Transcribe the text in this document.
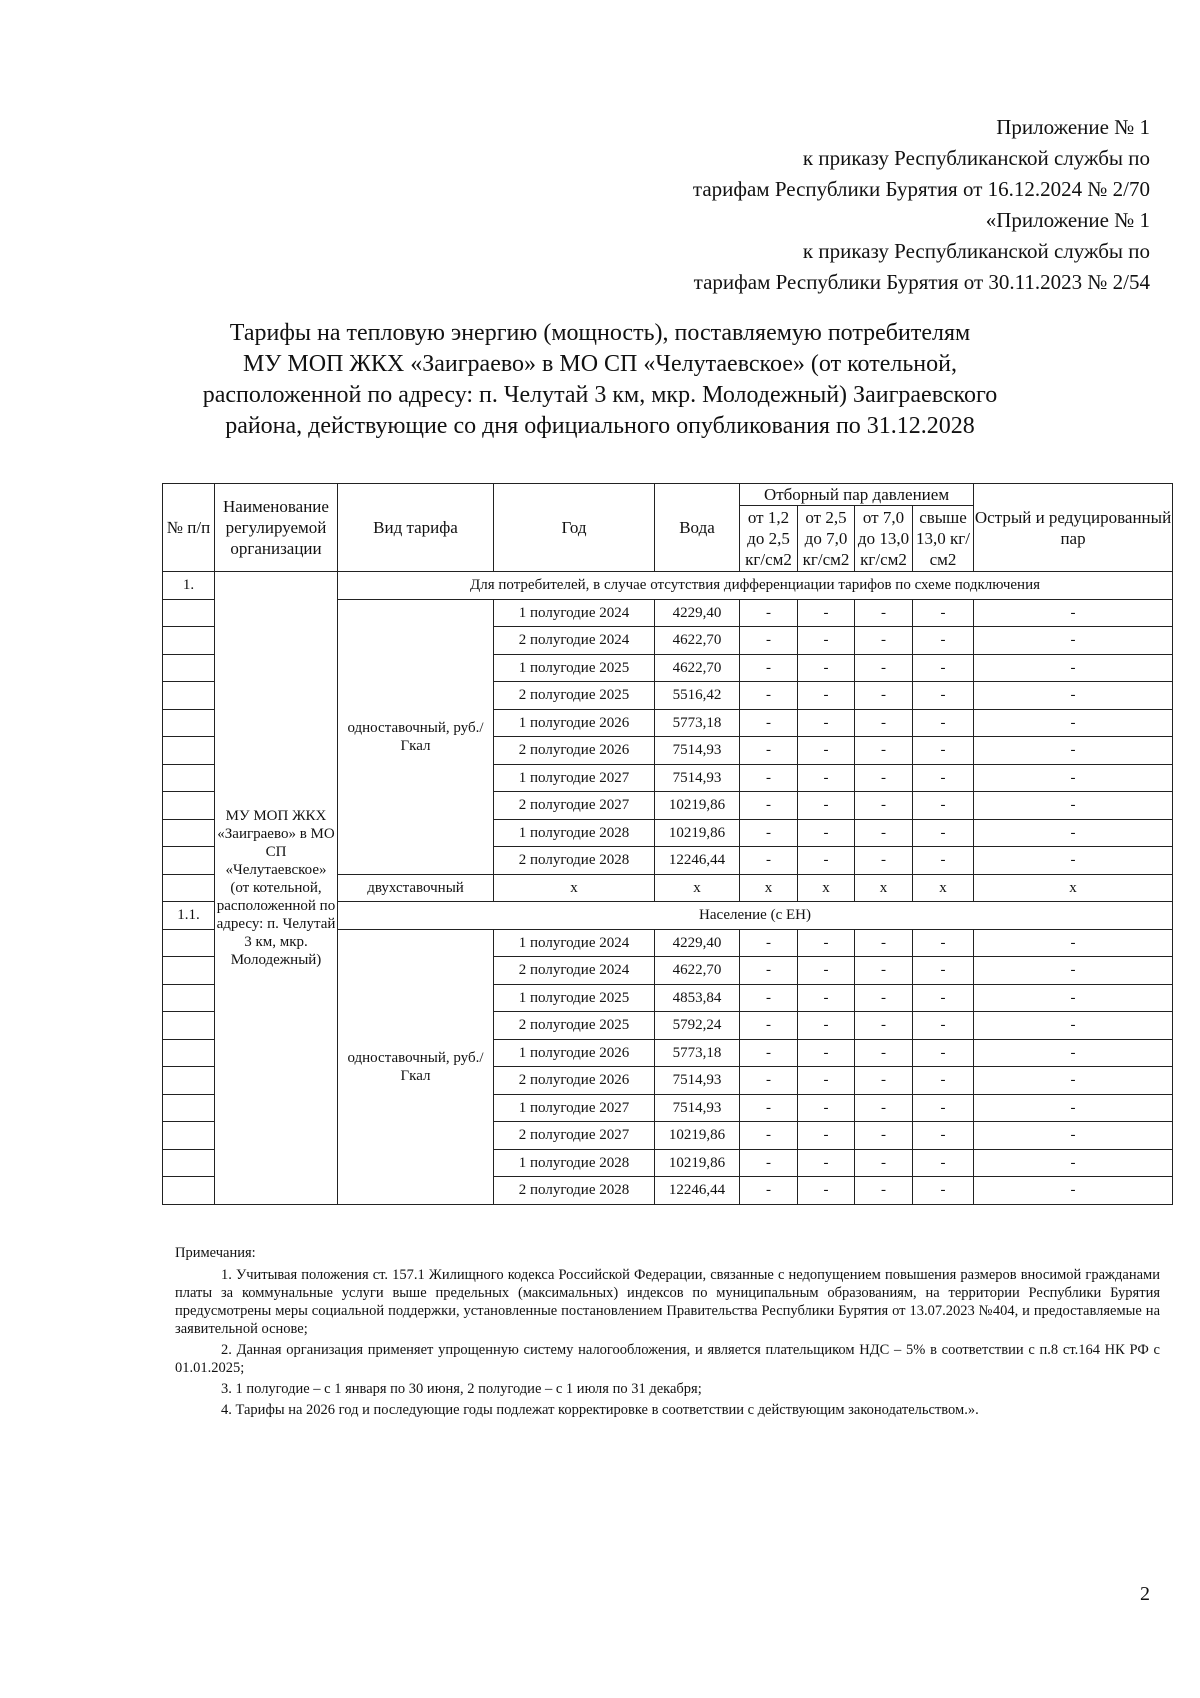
Приложение № 1
к приказу Республиканской службы по
тарифам Республики Бурятия от 16.12.2024 № 2/70
«Приложение № 1
к приказу Республиканской службы по
тарифам Республики Бурятия от 30.11.2023 № 2/54
Тарифы на тепловую энергию (мощность), поставляемую потребителям
МУ МОП ЖКХ «Заиграево» в МО СП «Челутаевское» (от котельной,
расположенной по адресу: п. Челутай 3 км, мкр. Молодежный) Заиграевского
района, действующие со дня официального опубликования по 31.12.2028
№ п/п	Наименование регулируемой организации	Вид тарифа	Год	Вода	Отборный пар давлением				Острый и редуцированный пар
					от 1,2 до 2,5 кг/см2	от 2,5 до 7,0 кг/см2	от 7,0 до 13,0 кг/см2	свыше 13,0 кг/см2	
1.	МУ МОП ЖКХ «Заиграево» в МО СП «Челутаевское» (от котельной, расположенной по адресу: п. Челутай 3 км, мкр. Молодежный)	Для потребителей, в случае отсутствия дифференциации тарифов по схеме подключения							
		одноставочный, руб./Гкал	1 полугодие 2024	4229,40	-	-	-	-	-
			2 полугодие 2024	4622,70	-	-	-	-	-
			1 полугодие 2025	4622,70	-	-	-	-	-
			2 полугодие 2025	5516,42	-	-	-	-	-
			1 полугодие 2026	5773,18	-	-	-	-	-
			2 полугодие 2026	7514,93	-	-	-	-	-
			1 полугодие 2027	7514,93	-	-	-	-	-
			2 полугодие 2027	10219,86	-	-	-	-	-
			1 полугодие 2028	10219,86	-	-	-	-	-
			2 полугодие 2028	12246,44	-	-	-	-	-
		двухставочный	x	x	x	x	x	x	x
1.1.		Население (с ЕН)							
		одноставочный, руб./Гкал	1 полугодие 2024	4229,40	-	-	-	-	-
			2 полугодие 2024	4622,70	-	-	-	-	-
			1 полугодие 2025	4853,84	-	-	-	-	-
			2 полугодие 2025	5792,24	-	-	-	-	-
			1 полугодие 2026	5773,18	-	-	-	-	-
			2 полугодие 2026	7514,93	-	-	-	-	-
			1 полугодие 2027	7514,93	-	-	-	-	-
			2 полугодие 2027	10219,86	-	-	-	-	-
			1 полугодие 2028	10219,86	-	-	-	-	-
			2 полугодие 2028	12246,44	-	-	-	-	-
Примечания:

1. Учитывая положения ст. 157.1 Жилищного кодекса Российской Федерации, связанные с недопущением повышения размеров вносимой гражданами платы за коммунальные услуги выше предельных (максимальных) индексов по муниципальным образованиям, на территории Республики Бурятия предусмотрены меры социальной поддержки, установленные постановлением Правительства Республики Бурятия от 13.07.2023 №404, и предоставляемые на заявительной основе;

2. Данная организация применяет упрощенную систему налогообложения, и является плательщиком НДС – 5% в соответствии с п.8 ст.164 НК РФ с 01.01.2025;

3. 1 полугодие – с 1 января по 30 июня, 2 полугодие – с 1 июля по 31 декабря;

4. Тарифы на 2026 год и последующие годы подлежат корректировке в соответствии с действующим законодательством.».

2
